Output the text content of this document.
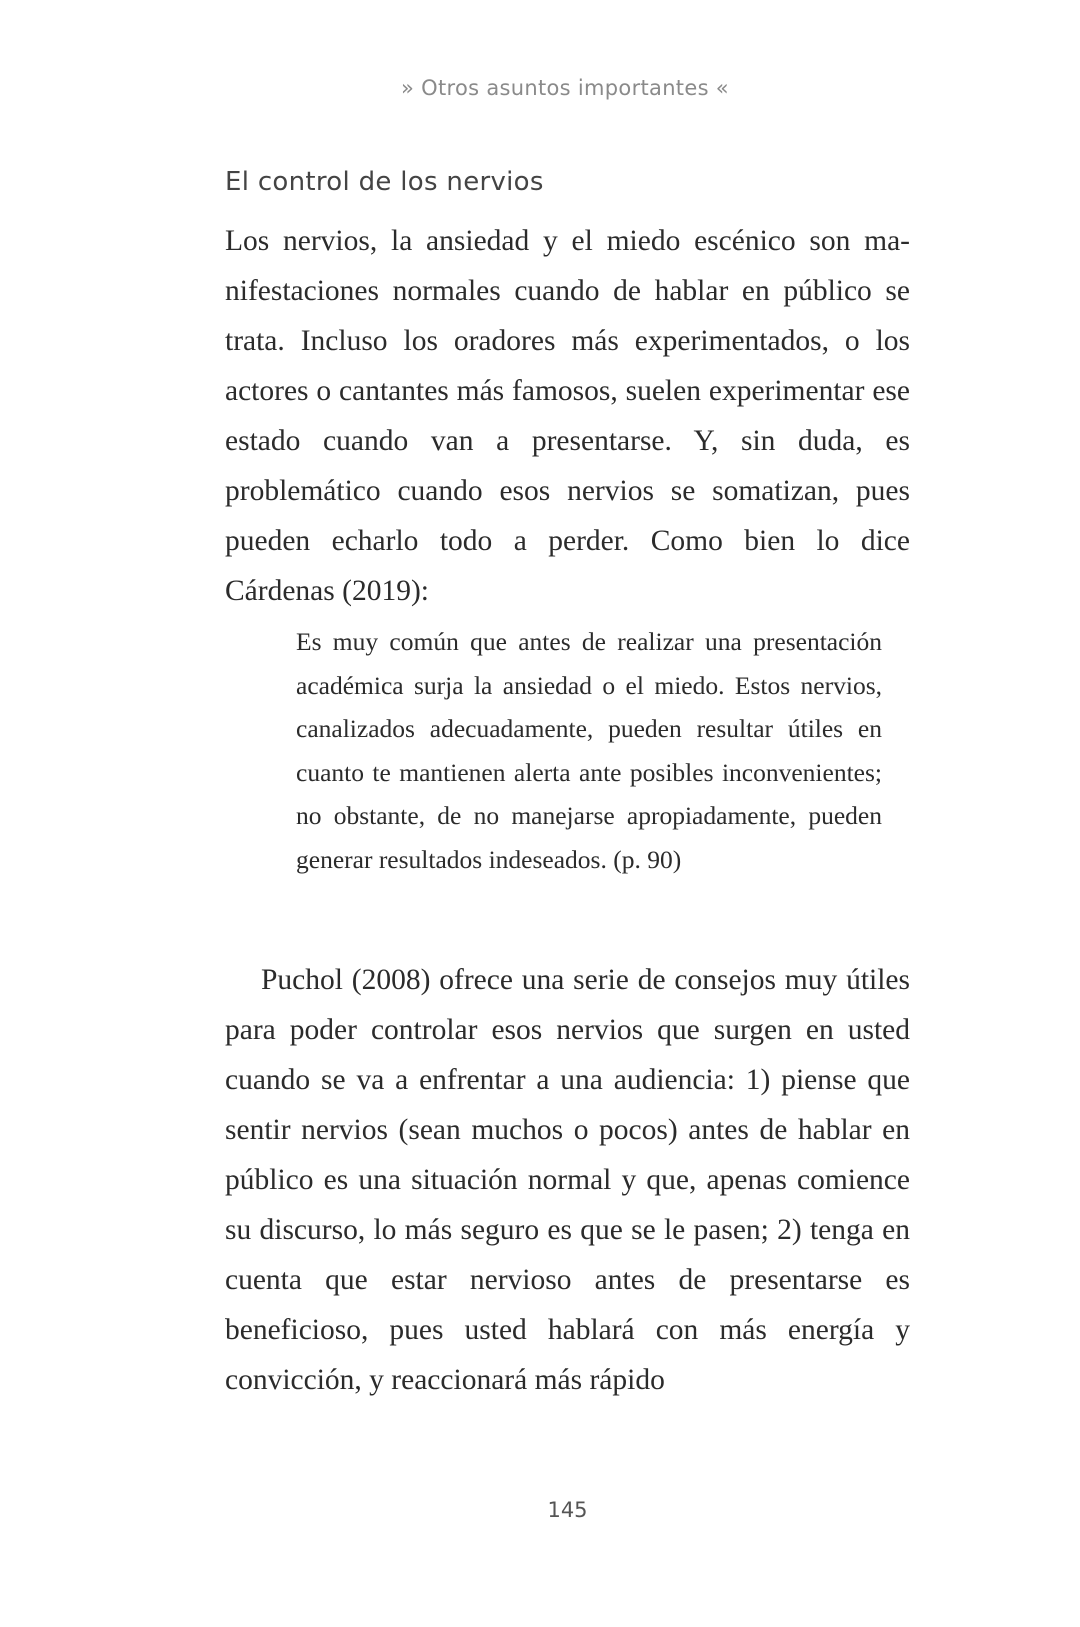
» Otros asuntos importantes «
El control de los nervios

Los nervios, la ansiedad y el miedo escénico son manifestaciones normales cuando de hablar en público se trata. Incluso los oradores más experimentados, o los actores o cantantes más famosos, suelen experimentar ese estado cuando van a presentarse. Y, sin duda, es problemático cuando esos nervios se somatizan, pues pueden echarlo todo a perder. Como bien lo dice Cárdenas (2019):

Es muy común que antes de realizar una presentación académica surja la ansiedad o el miedo. Estos nervios, canalizados adecuadamente, pueden resultar útiles en cuanto te mantienen alerta ante posibles inconvenientes; no obstante, de no manejarse apropiadamente, pueden generar resultados indeseados. (p. 90)

Puchol (2008) ofrece una serie de consejos muy útiles para poder controlar esos nervios que surgen en usted cuando se va a enfrentar a una audiencia: 1) piense que sentir nervios (sean muchos o pocos) antes de hablar en público es una situación normal y que, apenas comience su discurso, lo más seguro es que se le pasen; 2) tenga en cuenta que estar nervioso antes de presentarse es beneficioso, pues usted hablará con más energía y convicción, y reaccionará más rápido

145
